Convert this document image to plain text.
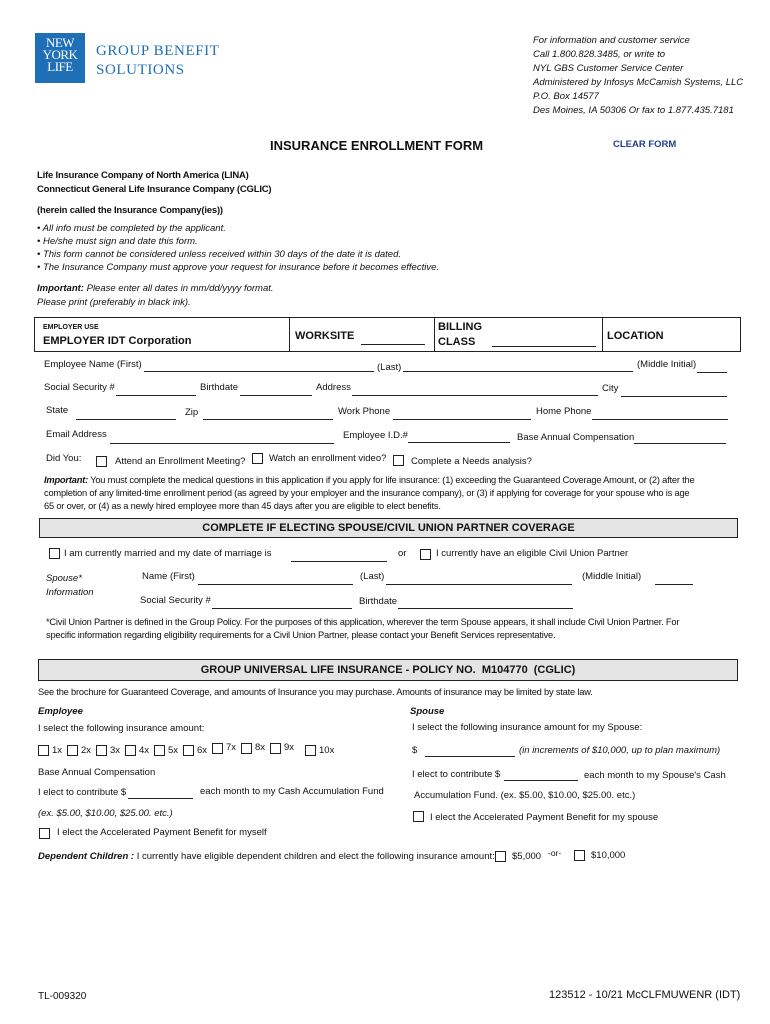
NEW
YORK
LIFE
GROUP BENEFIT
SOLUTIONS
For information and customer service
Call 1.800.828.3485, or write to
NYL GBS Customer Service Center
Administered by Infosys McCamish Systems, LLC
P.O. Box 14577
Des Moines, IA 50306 Or fax to 1.877.435.7181
INSURANCE ENROLLMENT FORM	CLEAR FORM
Life Insurance Company of North America (LINA)
Connecticut General Life Insurance Company (CGLIC)
(herein called the Insurance Company(ies))
• All info must be completed by the applicant.
• He/she must sign and date this form.
• This form cannot be considered unless received within 30 days of the date it is dated.
• The Insurance Company must approve your request for insurance before it becomes effective.
Important: Please enter all dates in mm/dd/yyyy format.
Please print (preferably in black ink).
EMPLOYER USE
EMPLOYER IDT Corporation	WORKSITE
BILLING
CLASS	LOCATION
Employee Name (First)	(Last)	(Middle Initial)
Social Security #	Birthdate	Address	City
State	Zip	Work Phone	Home Phone
Email Address	Employee I.D.#	Base Annual Compensation
Did You:	Attend an Enrollment Meeting? Watch an enrollment video?	Complete a Needs analysis?
Important: You must complete the medical questions in this application if you apply for life insurance: (1) exceeding the Guaranteed Coverage Amount, or (2) after the
completion of any limited-time enrollment period (as agreed by your employer and the insurance company), or (3) if applying for coverage for your spouse who is age
65 or over, or (4) as a newly hired employee more than 45 days after you are eligible to elect benefits.
COMPLETE IF ELECTING SPOUSE/CIVIL UNION PARTNER COVERAGE
I am currently married and my date of marriage is	or	I currently have an eligible Civil Union Partner
Spouse*
Information
Name (First)	(Last)	(Middle Initial)
Social Security #	Birthdate
*Civil Union Partner is defined in the Group Policy. For the purposes of this application, wherever the term Spouse appears, it shall include Civil Union Partner. For
specific information regarding eligibility requirements for a Civil Union Partner, please contact your Benefit Services representative.
GROUP UNIVERSAL LIFE INSURANCE - POLICY NO. M104770 (CGLIC)
See the brochure for Guaranteed Coverage, and amounts of Insurance you may purchase. Amounts of insurance may be limited by state law.
Employee
I select the following insurance amount:
Base Annual Compensation
I elect to contribute $	each month to my Cash Accumulation Fund
(ex. $5.00, $10.00, $25.00. etc.)
I elect the Accelerated Payment Benefit for myself
Spouse
I select the following insurance amount for my Spouse:
$	(in increments of $10,000, up to plan maximum)
I elect to contribute $	each month to my Spouse's Cash
Accumulation Fund. (ex. $5.00, $10.00, $25.00. etc.)
I elect the Accelerated Payment Benefit for my spouse
Dependent Children : I currently have eligible dependent children and elect the following insurance amount: $5,000 -or-	$10,000
TL-009320	123512 - 10/21 McCLFMUWENR (IDT)
1x 2x 3x 4x 5x 6x 7x 8x 9x	10x
